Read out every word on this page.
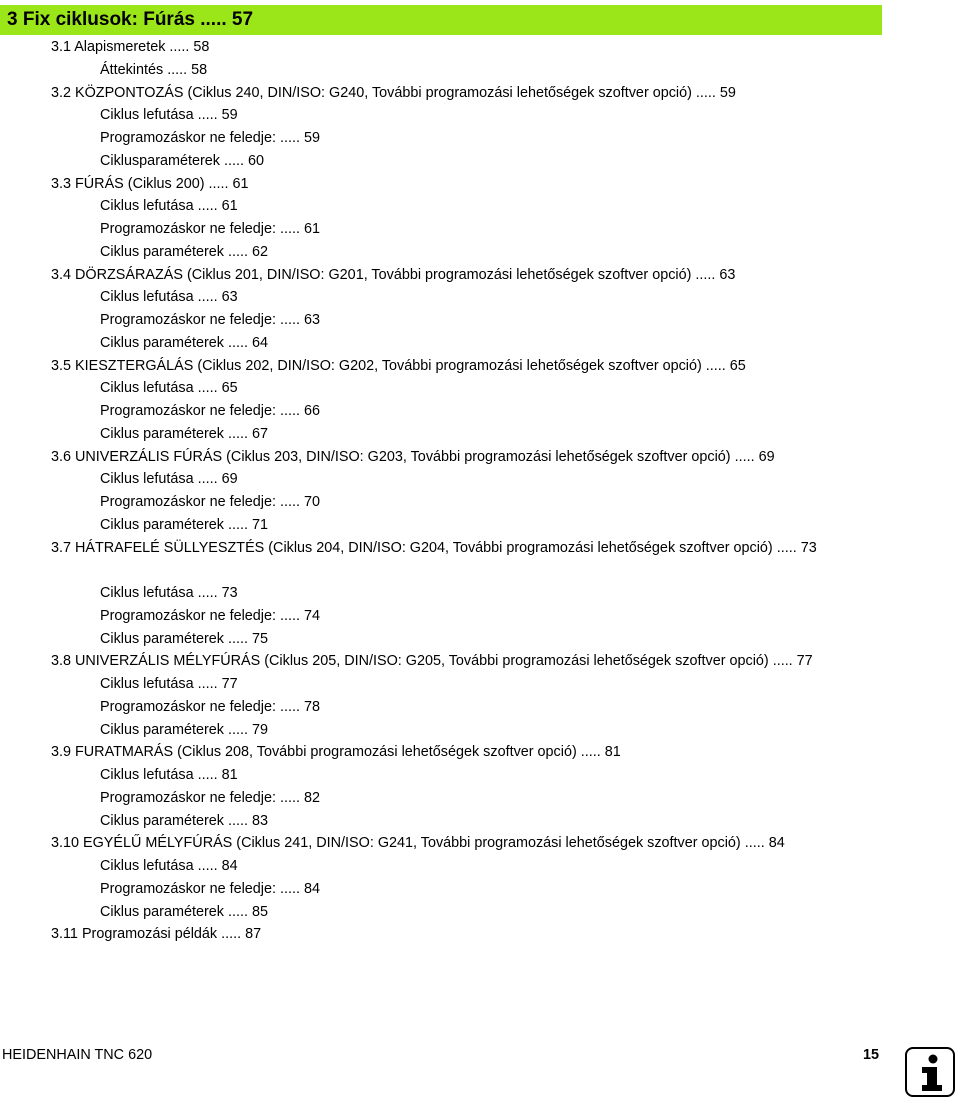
3 Fix ciklusok: Fúrás ..... 57
3.1 Alapismeretek ..... 58
Áttekintés ..... 58
3.2 KÖZPONTOZÁS (Ciklus 240, DIN/ISO: G240, További programozási lehetőségek szoftver opció) ..... 59
Ciklus lefutása ..... 59
Programozáskor ne feledje: ..... 59
Ciklusparaméterek ..... 60
3.3 FÚRÁS (Ciklus 200) ..... 61
Ciklus lefutása ..... 61
Programozáskor ne feledje: ..... 61
Ciklus paraméterek ..... 62
3.4 DÖRZSÁRAZÁS (Ciklus 201, DIN/ISO: G201, További programozási lehetőségek szoftver opció) ..... 63
Ciklus lefutása ..... 63
Programozáskor ne feledje: ..... 63
Ciklus paraméterek ..... 64
3.5 KIESZTERGÁLÁS (Ciklus 202, DIN/ISO: G202, További programozási lehetőségek szoftver opció) ..... 65
Ciklus lefutása ..... 65
Programozáskor ne feledje: ..... 66
Ciklus paraméterek ..... 67
3.6 UNIVERZÁLIS FÚRÁS (Ciklus 203, DIN/ISO: G203, További programozási lehetőségek szoftver opció) ..... 69
Ciklus lefutása ..... 69
Programozáskor ne feledje: ..... 70
Ciklus paraméterek ..... 71
3.7 HÁTRAFELÉ SÜLLYESZTÉS (Ciklus 204, DIN/ISO: G204, További programozási lehetőségek szoftver opció) ..... 73
Ciklus lefutása ..... 73
Programozáskor ne feledje: ..... 74
Ciklus paraméterek ..... 75
3.8 UNIVERZÁLIS MÉLYFÚRÁS (Ciklus 205, DIN/ISO: G205, További programozási lehetőségek szoftver opció) ..... 77
Ciklus lefutása ..... 77
Programozáskor ne feledje: ..... 78
Ciklus paraméterek ..... 79
3.9 FURATMARÁS (Ciklus 208, További programozási lehetőségek szoftver opció) ..... 81
Ciklus lefutása ..... 81
Programozáskor ne feledje: ..... 82
Ciklus paraméterek ..... 83
3.10 EGYÉLŰ MÉLYFÚRÁS (Ciklus 241, DIN/ISO: G241, További programozási lehetőségek szoftver opció) ..... 84
Ciklus lefutása ..... 84
Programozáskor ne feledje: ..... 84
Ciklus paraméterek ..... 85
3.11 Programozási példák ..... 87
HEIDENHAIN TNC 620	15
